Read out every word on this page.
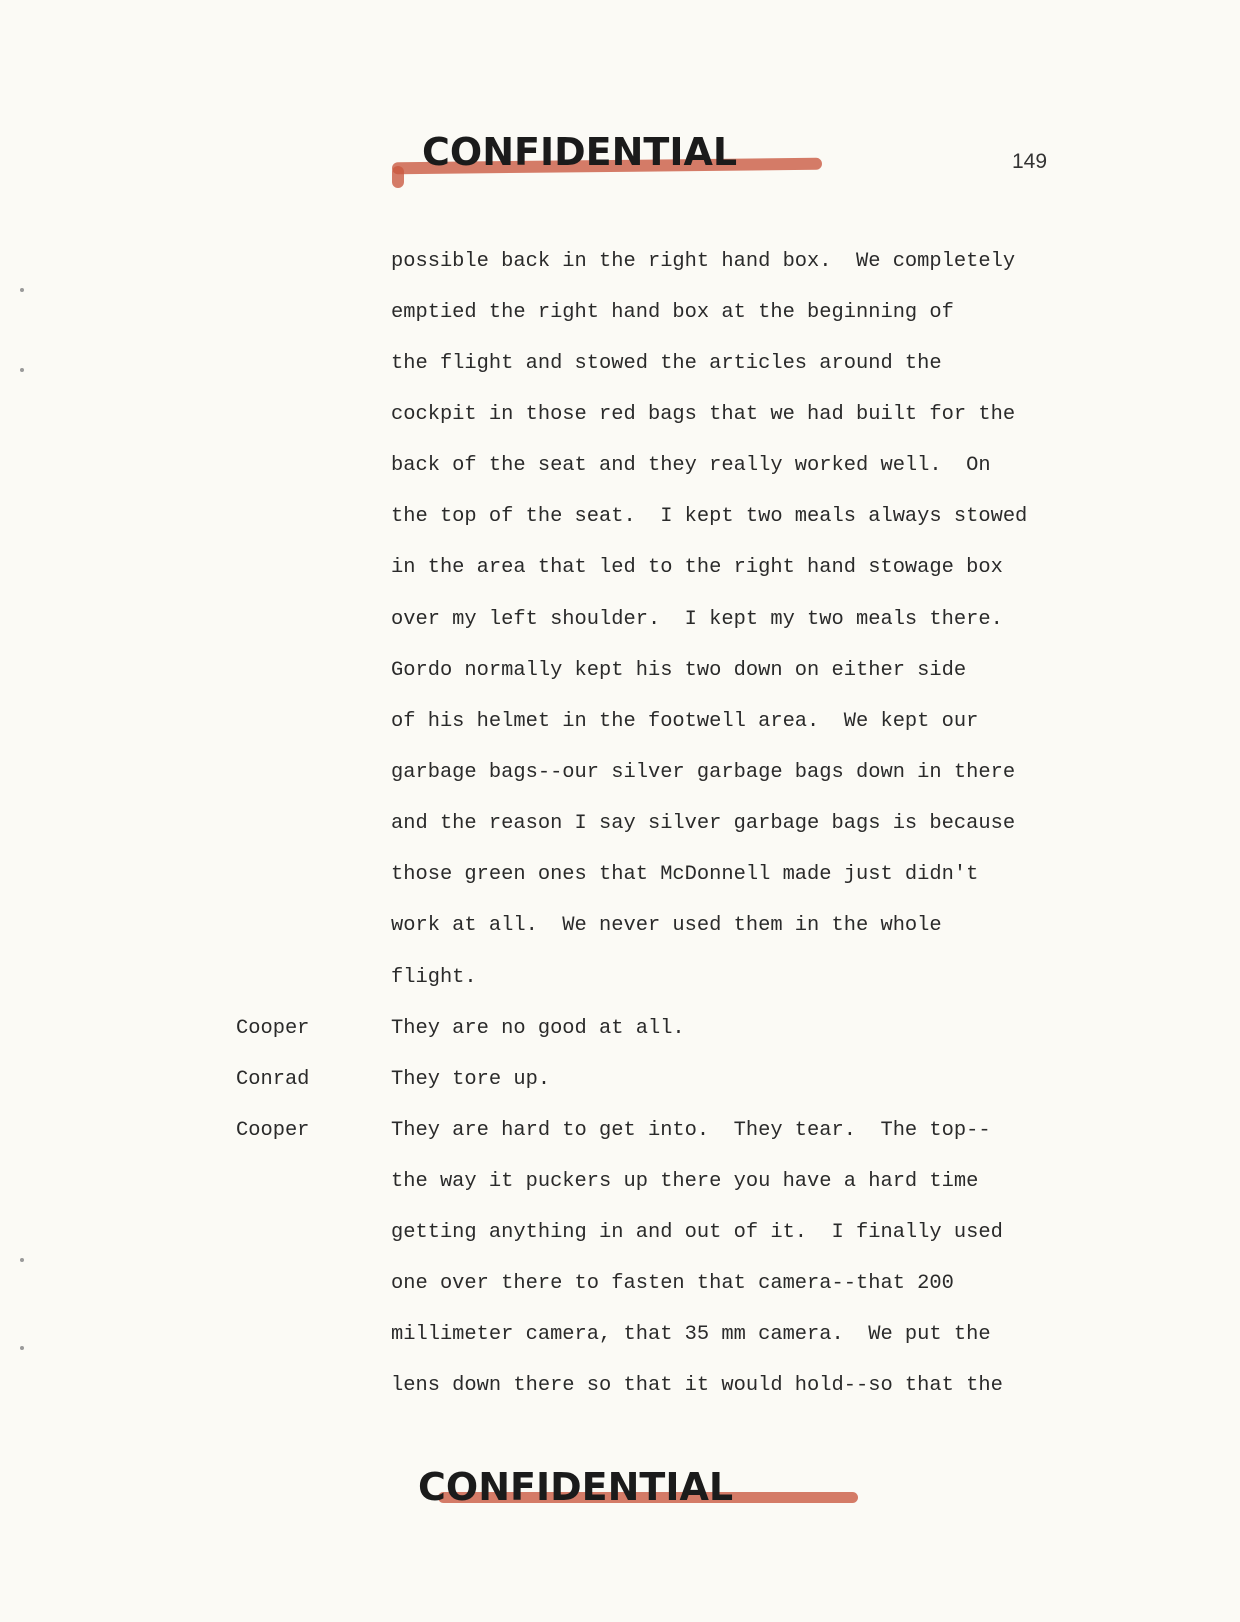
CONFIDENTIAL	149
possible back in the right hand box.  We completely
emptied the right hand box at the beginning of
the flight and stowed the articles around the
cockpit in those red bags that we had built for the
back of the seat and they really worked well.  On
the top of the seat.  I kept two meals always stowed
in the area that led to the right hand stowage box
over my left shoulder.  I kept my two meals there.
Gordo normally kept his two down on either side
of his helmet in the footwell area.  We kept our
garbage bags--our silver garbage bags down in there
and the reason I say silver garbage bags is because
those green ones that McDonnell made just didn't
work at all.  We never used them in the whole
flight.
Cooper	They are no good at all.
Conrad	They tore up.
Cooper	They are hard to get into.  They tear.  The top--
the way it puckers up there you have a hard time
getting anything in and out of it.  I finally used
one over there to fasten that camera--that 200
millimeter camera, that 35 mm camera.  We put the
lens down there so that it would hold--so that the
CONFIDENTIAL
